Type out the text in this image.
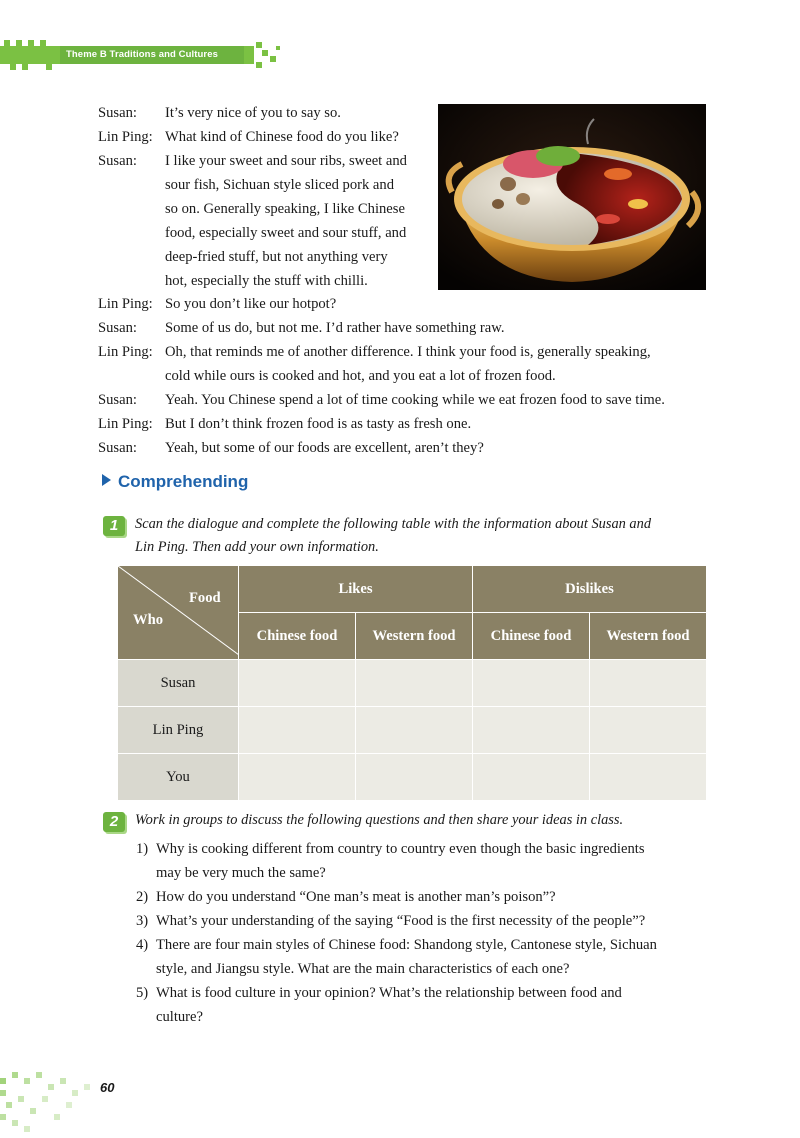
Theme B Traditions and Cultures
Susan: It’s very nice of you to say so.
Lin Ping: What kind of Chinese food do you like?
Susan: I like your sweet and sour ribs, sweet and
sour fish, Sichuan style sliced pork and
so on. Generally speaking, I like Chinese
food, especially sweet and sour stuff, and
deep-fried stuff, but not anything very
hot, especially the stuff with chilli.
Lin Ping: So you don’t like our hotpot?
Susan: Some of us do, but not me. I’d rather have something raw.
Lin Ping: Oh, that reminds me of another difference. I think your food is, generally speaking,
cold while ours is cooked and hot, and you eat a lot of frozen food.
Susan: Yeah. You Chinese spend a lot of time cooking while we eat frozen food to save time.
Lin Ping: But I don’t think frozen food is as tasty as fresh one.
Susan: Yeah, but some of our foods are excellent, aren’t they?
Comprehending
1	Scan the dialogue and complete the following table with the information about Susan and
Lin Ping. Then add your own information.
Food
Who	Likes		Dislikes	
	Chinese food	Western food	Chinese food	Western food
Susan				
Lin Ping				
You				
2	Work in groups to discuss the following questions and then share your ideas in class.
1) Why is cooking different from country to country even though the basic ingredients
may be very much the same?
2) How do you understand “One man’s meat is another man’s poison”?
3) What’s your understanding of the saying “Food is the first necessity of the people”?
4) There are four main styles of Chinese food: Shandong style, Cantonese style, Sichuan
style, and Jiangsu style. What are the main characteristics of each one?
5) What is food culture in your opinion? What’s the relationship between food and
culture?
60
